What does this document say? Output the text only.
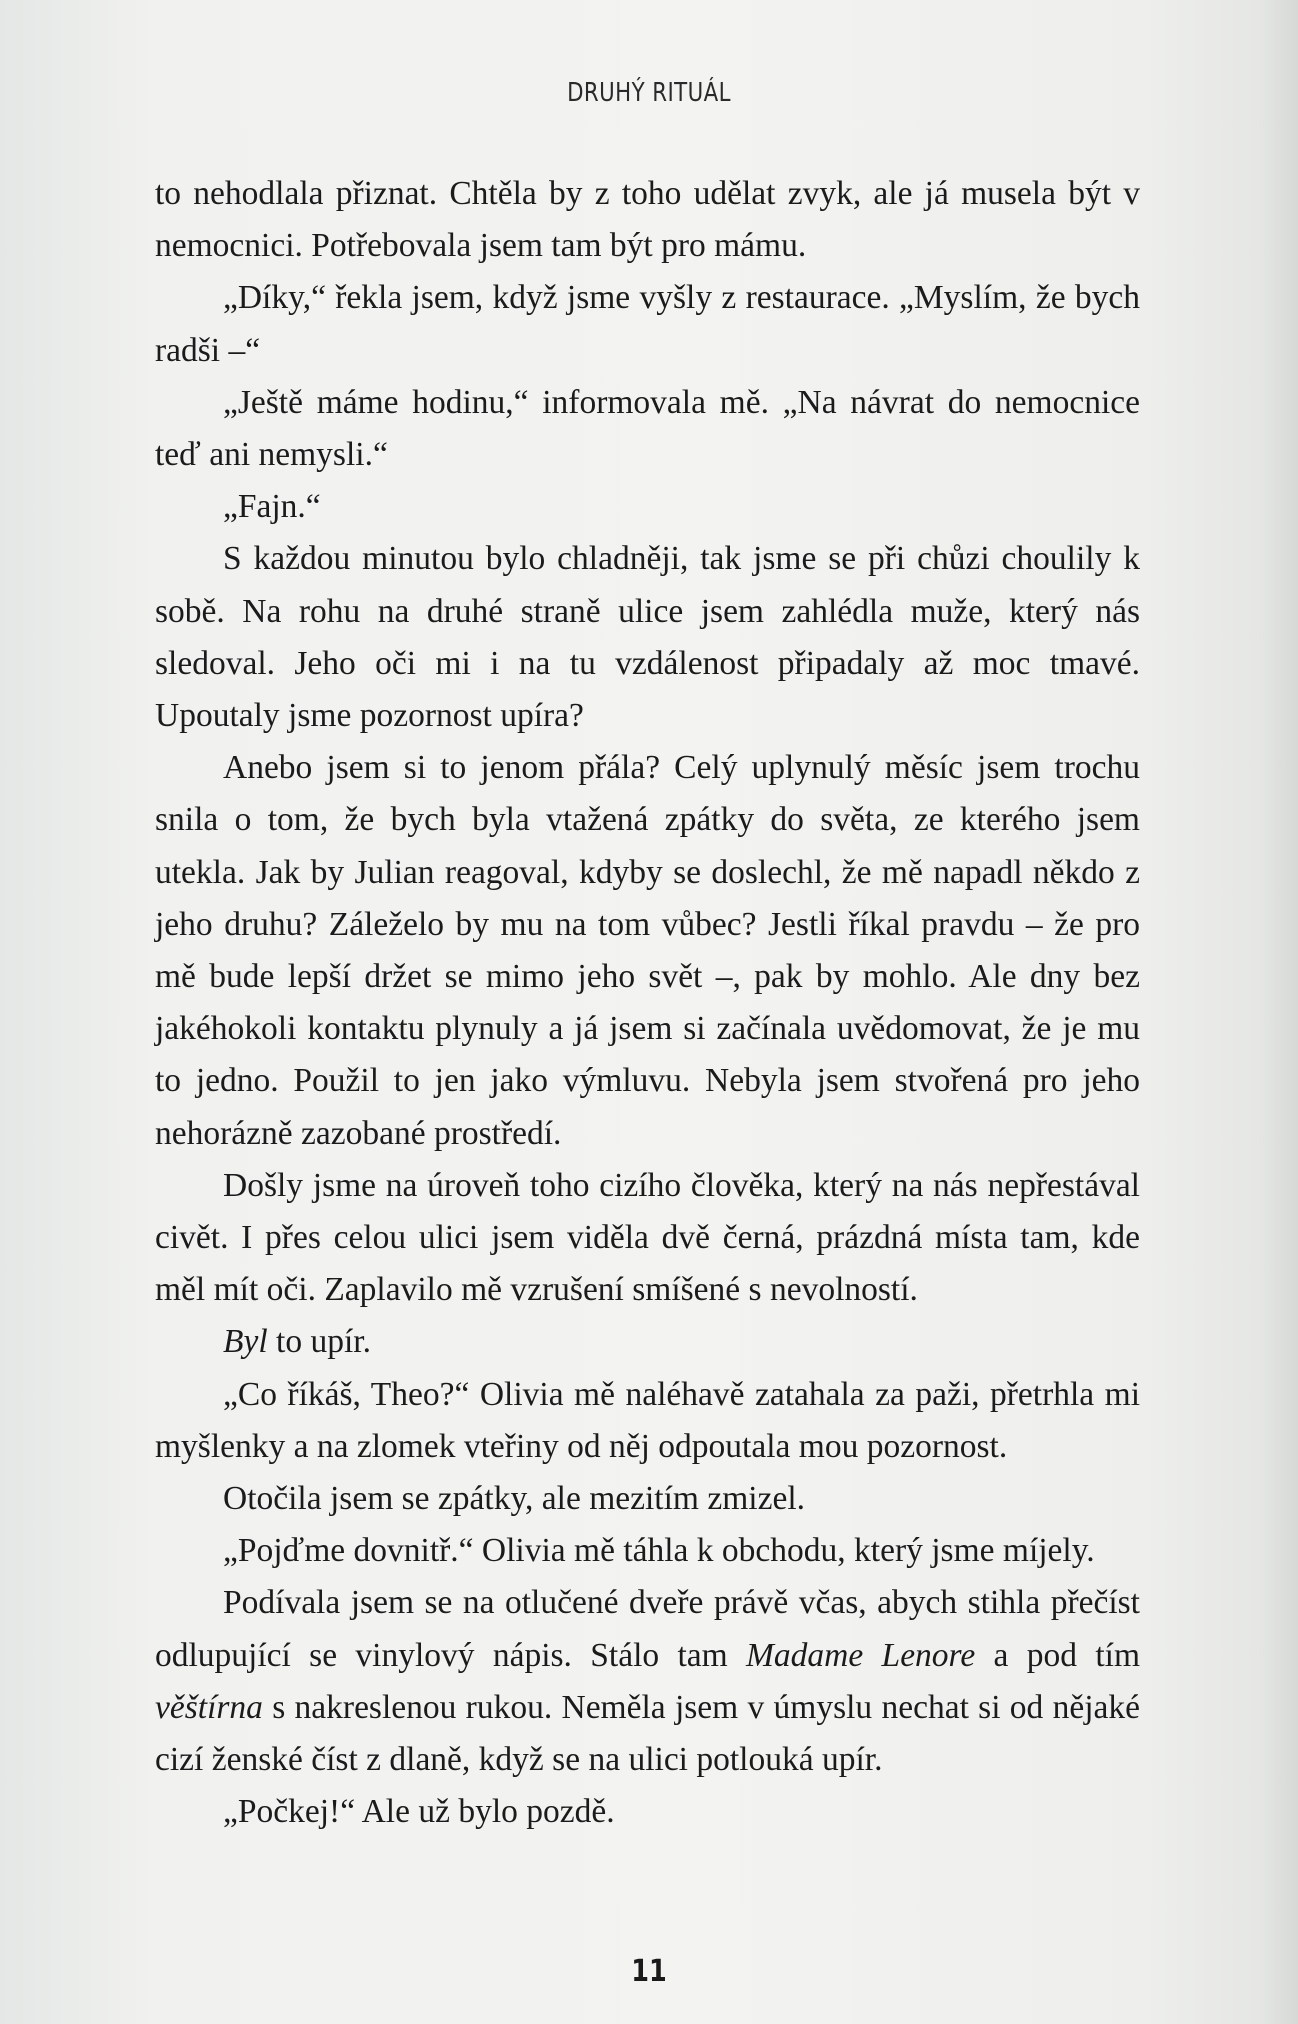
DRUHÝ RITUÁL

to nehodlala přiznat. Chtěla by z toho udělat zvyk, ale já musela být v nemocnici. Potřebovala jsem tam být pro mámu.

„Díky,“ řekla jsem, když jsme vyšly z restaurace. „Myslím, že bych radši –“

„Ještě máme hodinu,“ informovala mě. „Na návrat do nemocnice teď ani nemysli.“

„Fajn.“

S každou minutou bylo chladněji, tak jsme se při chůzi choulily k sobě. Na rohu na druhé straně ulice jsem zahlédla muže, který nás sledoval. Jeho oči mi i na tu vzdálenost připadaly až moc tmavé. Upoutaly jsme pozornost upíra?

Anebo jsem si to jenom přála? Celý uplynulý měsíc jsem trochu snila o tom, že bych byla vtažená zpátky do světa, ze kterého jsem utekla. Jak by Julian reagoval, kdyby se doslechl, že mě napadl někdo z jeho druhu? Záleželo by mu na tom vůbec? Jestli říkal pravdu – že pro mě bude lepší držet se mimo jeho svět –, pak by mohlo. Ale dny bez jakéhokoli kontaktu plynuly a já jsem si začínala uvědomovat, že je mu to jedno. Použil to jen jako výmluvu. Nebyla jsem stvořená pro jeho nehorázně zazobané prostředí.

Došly jsme na úroveň toho cizího člověka, který na nás nepřestával civět. I přes celou ulici jsem viděla dvě černá, prázdná místa tam, kde měl mít oči. Zaplavilo mě vzrušení smíšené s nevolností.

Byl to upír.

„Co říkáš, Theo?“ Olivia mě naléhavě zatahala za paži, přetrhla mi myšlenky a na zlomek vteřiny od něj odpoutala mou pozornost.

Otočila jsem se zpátky, ale mezitím zmizel.

„Pojďme dovnitř.“ Olivia mě táhla k obchodu, který jsme míjely.

Podívala jsem se na otlučené dveře právě včas, abych stihla přečíst odlupující se vinylový nápis. Stálo tam Madame Lenore a pod tím věštírna s nakreslenou rukou. Neměla jsem v úmyslu nechat si od nějaké cizí ženské číst z dlaně, když se na ulici potlouká upír.

„Počkej!“ Ale už bylo pozdě.

11
